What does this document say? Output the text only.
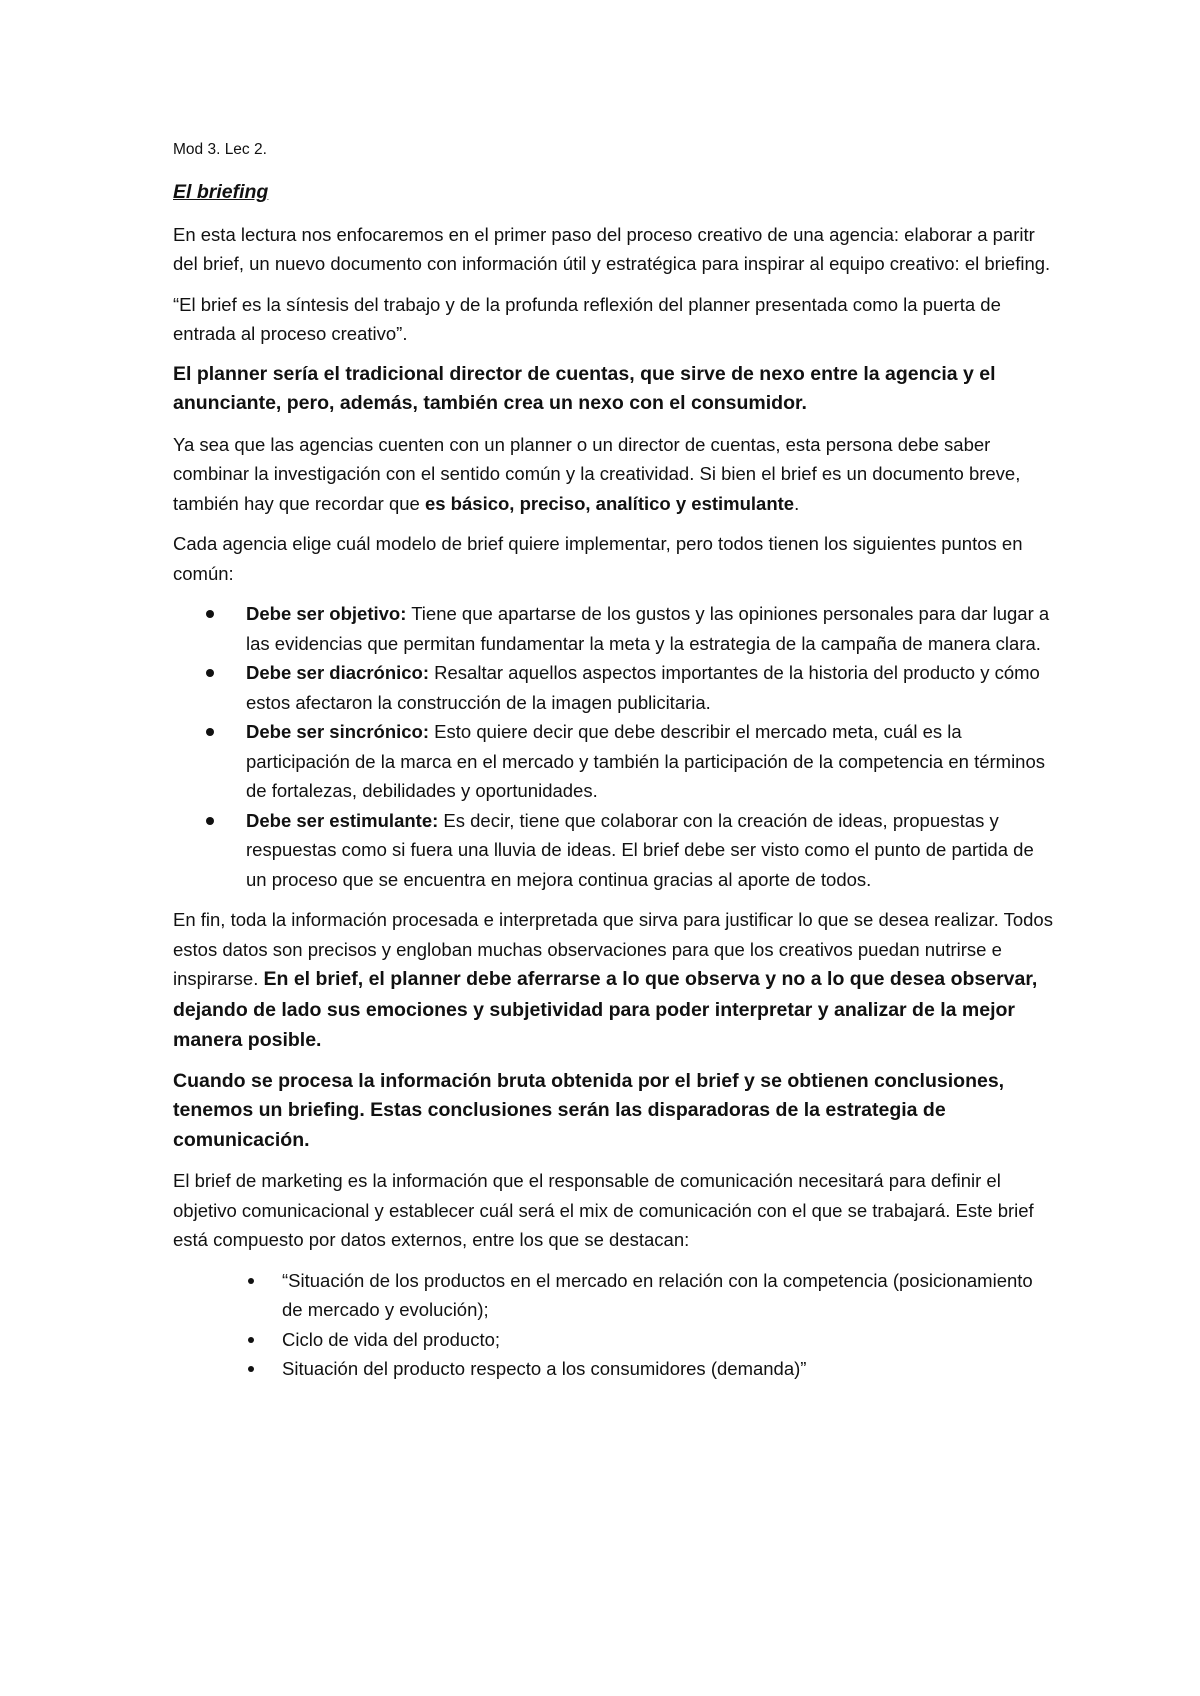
Mod 3. Lec 2.

El briefing

En esta lectura nos enfocaremos en el primer paso del proceso creativo de una agencia: elaborar a paritr del brief, un nuevo documento con información útil y estratégica para inspirar al equipo creativo: el briefing.

“El brief es la síntesis del trabajo y de la profunda reflexión del planner presentada como la puerta de entrada al proceso creativo”.

El planner sería el tradicional director de cuentas, que sirve de nexo entre la agencia y el anunciante, pero, además, también crea un nexo con el consumidor.

Ya sea que las agencias cuenten con un planner o un director de cuentas, esta persona debe saber combinar la investigación con el sentido común y la creatividad. Si bien el brief es un documento breve, también hay que recordar que es básico, preciso, analítico y estimulante.

Cada agencia elige cuál modelo de brief quiere implementar, pero todos tienen los siguientes puntos en común:

Debe ser objetivo: Tiene que apartarse de los gustos y las opiniones personales para dar lugar a las evidencias que permitan fundamentar la meta y la estrategia de la campaña de manera clara.
Debe ser diacrónico: Resaltar aquellos aspectos importantes de la historia del producto y cómo estos afectaron la construcción de la imagen publicitaria.
Debe ser sincrónico: Esto quiere decir que debe describir el mercado meta, cuál es la participación de la marca en el mercado y también la participación de la competencia en términos de fortalezas, debilidades y oportunidades.
Debe ser estimulante: Es decir, tiene que colaborar con la creación de ideas, propuestas y respuestas como si fuera una lluvia de ideas. El brief debe ser visto como el punto de partida de un proceso que se encuentra en mejora continua gracias al aporte de todos.

En fin, toda la información procesada e interpretada que sirva para justificar lo que se desea realizar. Todos estos datos son precisos y engloban muchas observaciones para que los creativos puedan nutrirse e inspirarse. En el brief, el planner debe aferrarse a lo que observa y no a lo que desea observar, dejando de lado sus emociones y subjetividad para poder interpretar y analizar de la mejor manera posible.

Cuando se procesa la información bruta obtenida por el brief y se obtienen conclusiones, tenemos un briefing. Estas conclusiones serán las disparadoras de la estrategia de comunicación.

El brief de marketing es la información que el responsable de comunicación necesitará para definir el objetivo comunicacional y establecer cuál será el mix de comunicación con el que se trabajará. Este brief está compuesto por datos externos, entre los que se destacan:

“Situación de los productos en el mercado en relación con la competencia (posicionamiento de mercado y evolución);
Ciclo de vida del producto;
Situación del producto respecto a los consumidores (demanda)”
